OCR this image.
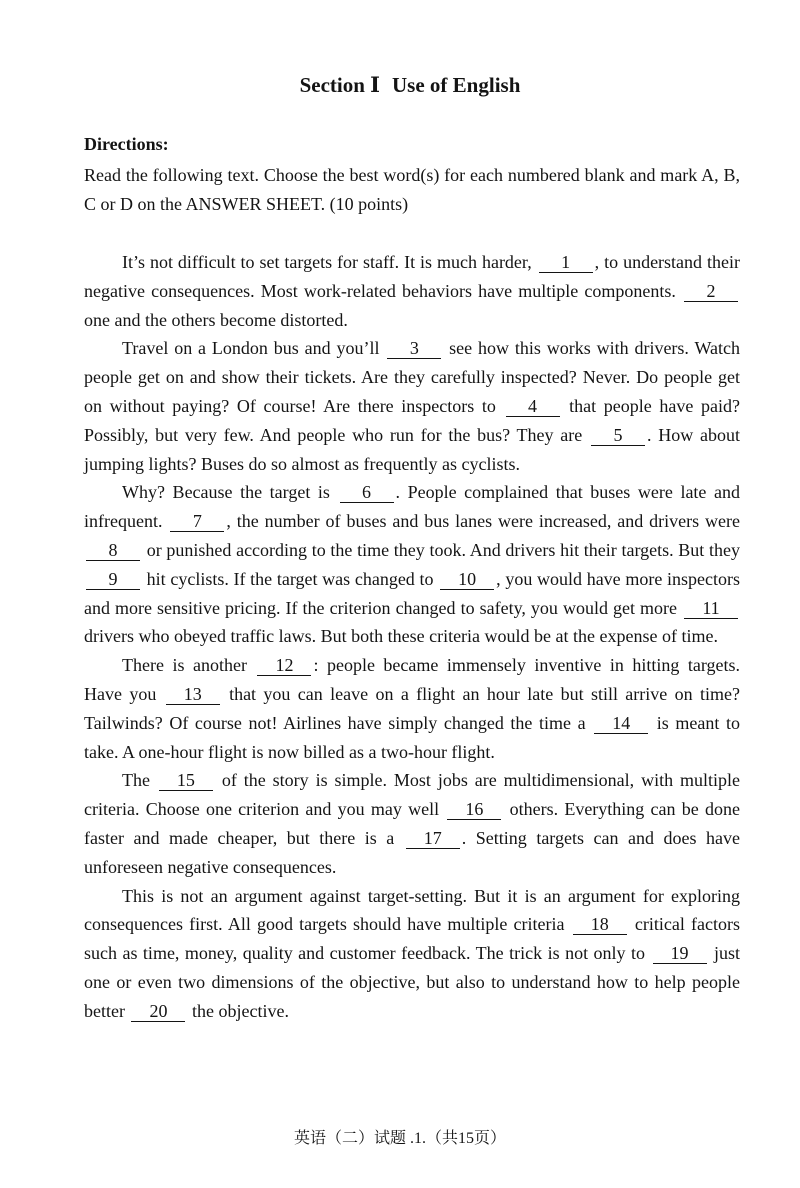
Section Ⅰ Use of English
Directions:
Read the following text. Choose the best word(s) for each numbered blank and mark A, B, C or D on the ANSWER SHEET. (10 points)

It’s not difficult to set targets for staff. It is much harder, 1 , to understand their negative consequences. Most work-related behaviors have multiple components. 2 one and the others become distorted.

Travel on a London bus and you’ll 3 see how this works with drivers. Watch people get on and show their tickets. Are they carefully inspected? Never. Do people get on without paying? Of course! Are there inspectors to 4 that people have paid? Possibly, but very few. And people who run for the bus? They are 5 . How about jumping lights? Buses do so almost as frequently as cyclists.

Why? Because the target is 6 . People complained that buses were late and infrequent. 7 , the number of buses and bus lanes were increased, and drivers were 8 or punished according to the time they took. And drivers hit their targets. But they 9 hit cyclists. If the target was changed to 10 , you would have more inspectors and more sensitive pricing. If the criterion changed to safety, you would get more 11 drivers who obeyed traffic laws. But both these criteria would be at the expense of time.

There is another 12 : people became immensely inventive in hitting targets. Have you 13 that you can leave on a flight an hour late but still arrive on time? Tailwinds? Of course not! Airlines have simply changed the time a 14 is meant to take. A one-hour flight is now billed as a two-hour flight.

The 15 of the story is simple. Most jobs are multidimensional, with multiple criteria. Choose one criterion and you may well 16 others. Everything can be done faster and made cheaper, but there is a 17 . Setting targets can and does have unforeseen negative consequences.

This is not an argument against target-setting. But it is an argument for exploring consequences first. All good targets should have multiple criteria 18 critical factors such as time, money, quality and customer feedback. The trick is not only to 19 just one or even two dimensions of the objective, but also to understand how to help people better 20 the objective.

英语（二）试题 .1.（共15页）
